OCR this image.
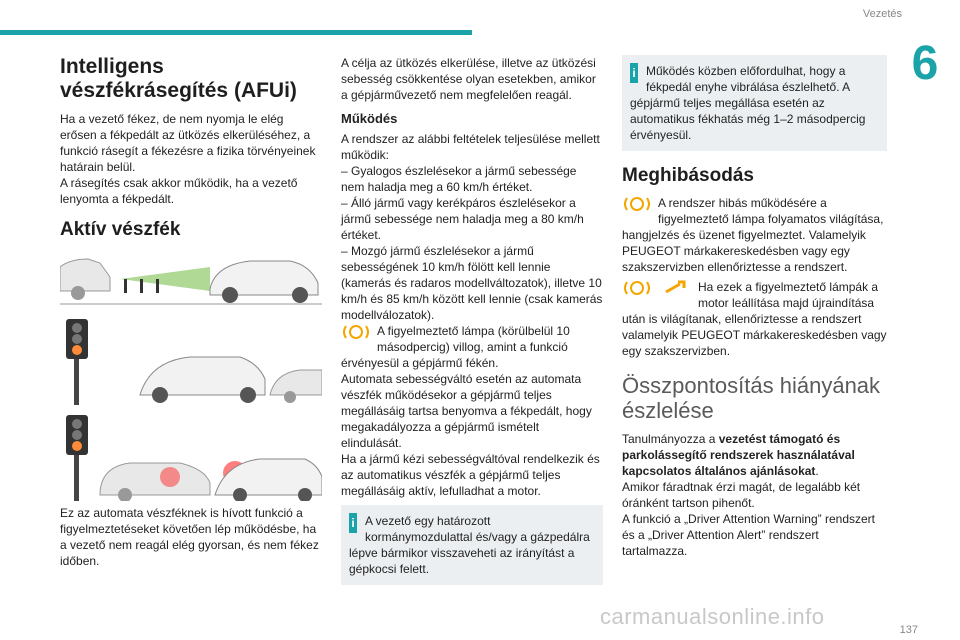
Vezetés
6
Intelligens vészfékrásegítés (AFUi)

Ha a vezető fékez, de nem nyomja le elég erősen a fékpedált az ütközés elkerüléséhez, a funkció rásegít a fékezésre a fizika törvényeinek határain belül.

A rásegítés csak akkor működik, ha a vezető lenyomta a fékpedált.

Aktív vészfék

Ez az automata vészféknek is hívott funkció a figyelmeztetéseket követően lép működésbe, ha a vezető nem reagál elég gyorsan, és nem fékez időben.

A célja az ütközés elkerülése, illetve az ütközési sebesség csökkentése olyan esetekben, amikor a gépjárművezető nem megfelelően reagál.

Működés

A rendszer az alábbi feltételek teljesülése mellett működik:

– Gyalogos észlelésekor a jármű sebessége nem haladja meg a 60 km/h értéket.

– Álló jármű vagy kerékpáros észlelésekor a jármű sebessége nem haladja meg a 80 km/h értéket.

– Mozgó jármű észlelésekor a jármű sebességének 10 km/h fölött kell lennie (kamerás és radaros modellváltozatok), illetve 10 km/h és 85 km/h között kell lennie (csak kamerás modellválozatok).

A figyelmeztető lámpa (körülbelül 10 másodpercig) villog, amint a funkció érvényesül a gépjármű fékén.

Automata sebességváltó esetén az automata vészfék működésekor a gépjármű teljes megállásáig tartsa benyomva a fékpedált, hogy megakadályozza a gépjármű ismételt elindulását.

Ha a jármű kézi sebességváltóval rendelkezik és az automatikus vészfék a gépjármű teljes megállásáig aktív, lefulladhat a motor.

i A vezető egy határozott kormánymozdulattal és/vagy a gázpedálra lépve bármikor visszaveheti az irányítást a gépkocsi felett.

i Működés közben előfordulhat, hogy a fékpedál enyhe vibrálása észlelhető. A gépjármű teljes megállása esetén az automatikus fékhatás még 1–2 másodpercig érvényesül.

Meghibásodás

A rendszer hibás működésére a figyelmeztető lámpa folyamatos világítása, hangjelzés és üzenet figyelmeztet. Valamelyik PEUGEOT márkakereskedésben vagy egy szakszervizben ellenőriztesse a rendszert.

Ha ezek a figyelmeztető lámpák a motor leállítása majd újraindítása után is világítanak, ellenőriztesse a rendszert valamelyik PEUGEOT márkakereskedésben vagy egy szakszervizben.

Összpontosítás hiányának észlelése

Tanulmányozza a vezetést támogató és parkolássegítő rendszerek használatával kapcsolatos általános ajánlásokat.

Amikor fáradtnak érzi magát, de legalább két óránként tartson pihenőt.

A funkció a „Driver Attention Warning” rendszert és a „Driver Attention Alert” rendszert tartalmazza.

carmanualsonline.info
137
